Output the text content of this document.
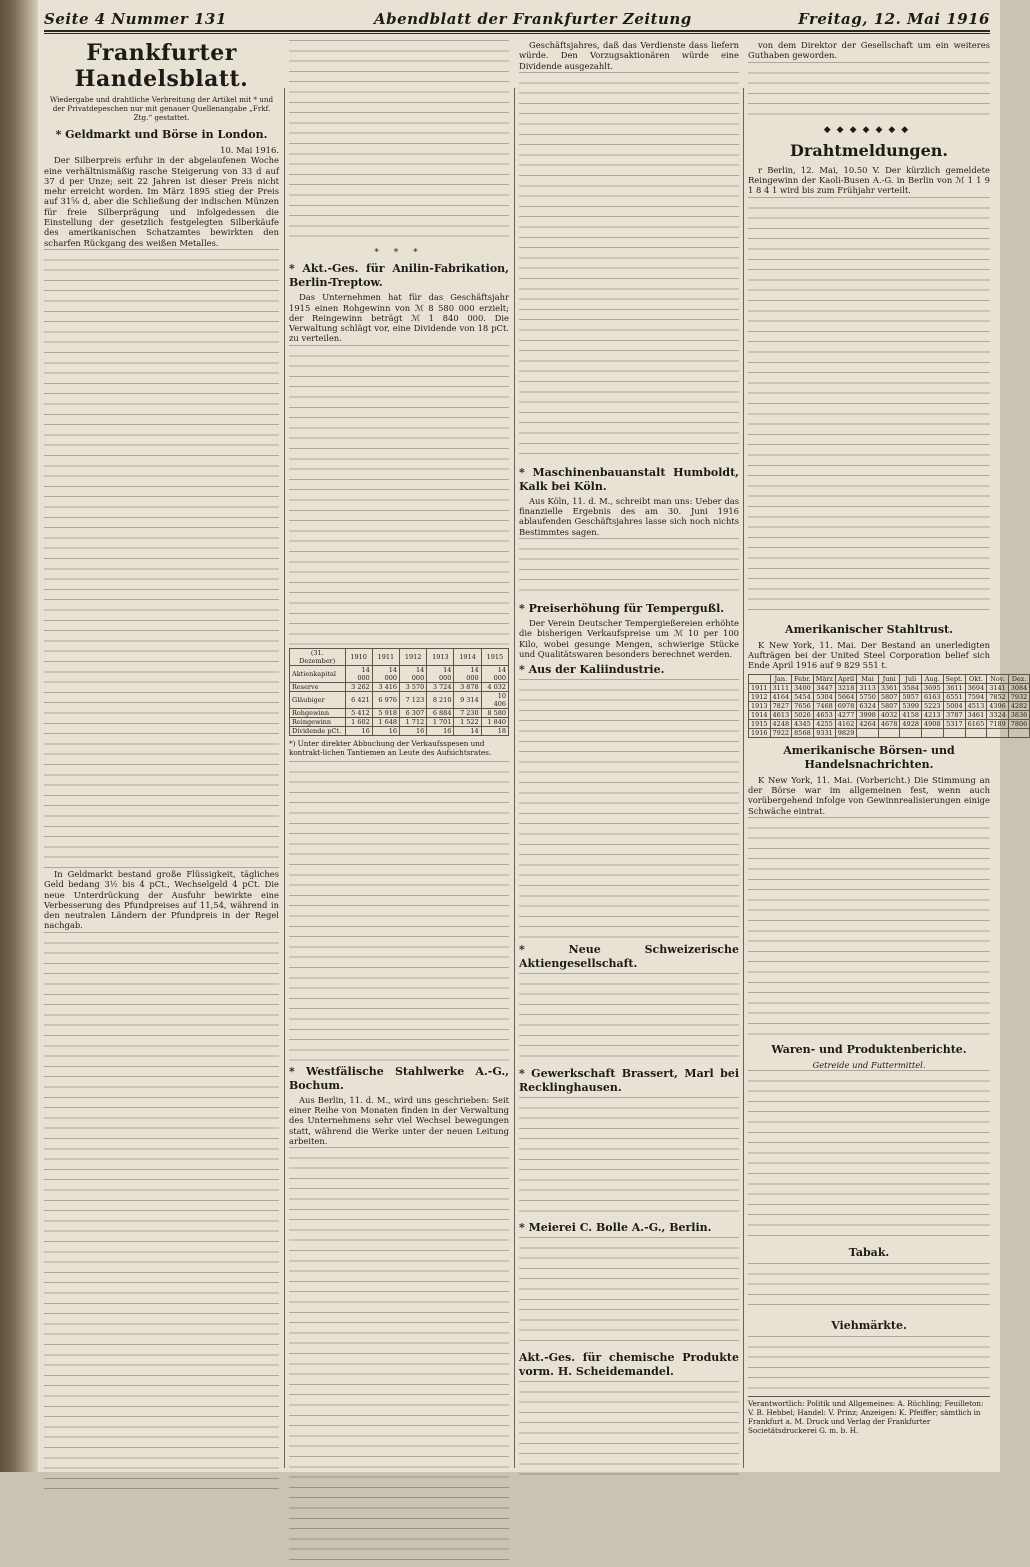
Seite 4 Nummer 131	Abendblatt der Frankfurter Zeitung	Freitag, 12. Mai 1916
Frankfurter Handelsblatt.
Wiedergabe und drahtliche Verbreitung der Artikel mit * und der Privatdepeschen nur mit genauer Quellenangabe „Frkf. Ztg.“ gestattet.
* Geldmarkt und Börse in London.
10. Mai 1916.

Der Silberpreis erfuhr in der abgelaufenen Woche eine verhältnismäßig rasche Steigerung von 33 d auf 37 d per Unze; seit 22 Jahren ist dieser Preis nicht mehr erreicht worden. Im März 1895 stieg der Preis auf 31⅝ d, aber die Schließung der indischen Münzen für freie Silberprägung und infolgedessen die Einstellung der gesetzlich festgelegten Silberkäufe des amerikanischen Schatzamtes bewirkten den scharfen Rückgang des weißen Metalles.

In Geldmarkt bestand große Flüssigkeit, tägliches Geld bedang 3½ bis 4 pCt., Wechselgeld 4 pCt. Die neue Unterdrückung der Ausfuhr bewirkte eine Verbesserung des Pfundpreises auf 11,54, während in den neutralen Ländern der Pfundpreis in der Regel nachgab.

* * *
* Akt.-Ges. für Anilin-Fabrikation, Berlin-Treptow.

Das Unternehmen hat für das Geschäftsjahr 1915 einen Rohgewinn von ℳ 8 580 000 erzielt; der Reingewinn beträgt ℳ 1 840 000. Die Verwaltung schlägt vor, eine Dividende von 18 pCt. zu verteilen.

(31. Dezember)	1910	1911	1912	1913	1914	1915
Aktienkapital	14 000	14 000	14 000	14 000	14 000	14 000
Reserve	3 262	3 416	3 570	3 724	3 878	4 032
Gläubiger	6 421	6 976	7 123	8 210	9 314	10 406
Rohgewinn	5 412	5 918	6 307	6 884	7 230	8 580
Reingewinn	1 602	1 648	1 712	1 701	1 522	1 840
Dividende pCt.	16	16	16	16	14	18
*) Unter direkter Abbuchung der Verkaufsspesen und kontrakt-lichen Tantiemen an Leute des Aufsichtsrates.
* Westfälische Stahlwerke A.-G., Bochum.

Aus Berlin, 11. d. M., wird uns geschrieben: Seit einer Reihe von Monaten finden in der Verwaltung des Unternehmens sehr viel Wechsel bewegungen statt, während die Werke unter der neuen Leitung arbeiten.

Geschäftsjahres, daß das Verdienste dass liefern würde. Den Vorzugsaktionären würde eine Dividende ausgezahlt.

* Maschinenbauanstalt Humboldt, Kalk bei Köln.

Aus Köln, 11. d. M., schreibt man uns: Ueber das finanzielle Ergebnis des am 30. Juni 1916 ablaufenden Geschäftsjahres lasse sich noch nichts Bestimmtes sagen.

* Preiserhöhung für Tempergußl.

Der Verein Deutscher Tempergießereien erhöhte die bisherigen Verkaufspreise um ℳ 10 per 100 Kilo, wobei gesunge Mengen, schwierige Stücke und Qualitätswaren besonders berechnet werden.

* Aus der Kaliindustrie.
* Neue Schweizerische Aktiengesellschaft.
* Gewerkschaft Brassert, Marl bei Recklinghausen.
* Meierei C. Bolle A.-G., Berlin.
Akt.-Ges. für chemische Produkte vorm. H. Scheidemandel.

von dem Direktor der Gesellschaft um ein weiteres Guthaben geworden.

◆◆◆◆◆◆◆
Drahtmeldungen.

r Berlin, 12. Mai, 10.50 V. Der kürzlich gemeldete Reingewinn der Kaoli-Busen A.-G. in Berlin von ℳ 1 1 9 1 8 4 1 wird bis zum Frühjahr verteilt.

Amerikanischer Stahltrust.

K New York, 11. Mai. Der Bestand an unerledigten Aufträgen bei der United Steel Corporation belief sich Ende April 1916 auf 9 829 551 t.

	Jan.	Febr.	März	April	Mai	Juni	Juli	Aug.	Sept.	Okt.	Nov.	Dez.
1911	3111	3400	3447	3218	3113	3361	3584	3695	3611	3694	3141	3084
1912	4164	5454	5304	5664	5750	5807	5957	6163	6551	7594	7852	7932
1913	7827	7656	7468	6978	6324	5807	5399	5223	5004	4513	4396	4282
1914	4613	5026	4653	4277	3998	4032	4158	4213	3787	3461	3324	3836
1915	4248	4345	4255	4162	4264	4678	4928	4908	5317	6165	7189	7806
1916	7922	8568	9331	9829								
Amerikanische Börsen- und Handelsnachrichten.

K New York, 11. Mai. (Vorbericht.) Die Stimmung an der Börse war im allgemeinen fest, wenn auch vorübergehend infolge von Gewinnrealisierungen einige Schwäche eintrat.

Waren- und Produktenberichte.
Getreide und Futtermittel.
Tabak.
Viehmärkte.
Verantwortlich: Politik und Allgemeines: A. Rüchling; Feuilleton: V. B. Hebbel; Handel: V. Prinz; Anzeigen: K. Pfeiffer; sämtlich in Frankfurt a. M. Druck und Verlag der Frankfurter Societätsdruckerei G. m. b. H.
